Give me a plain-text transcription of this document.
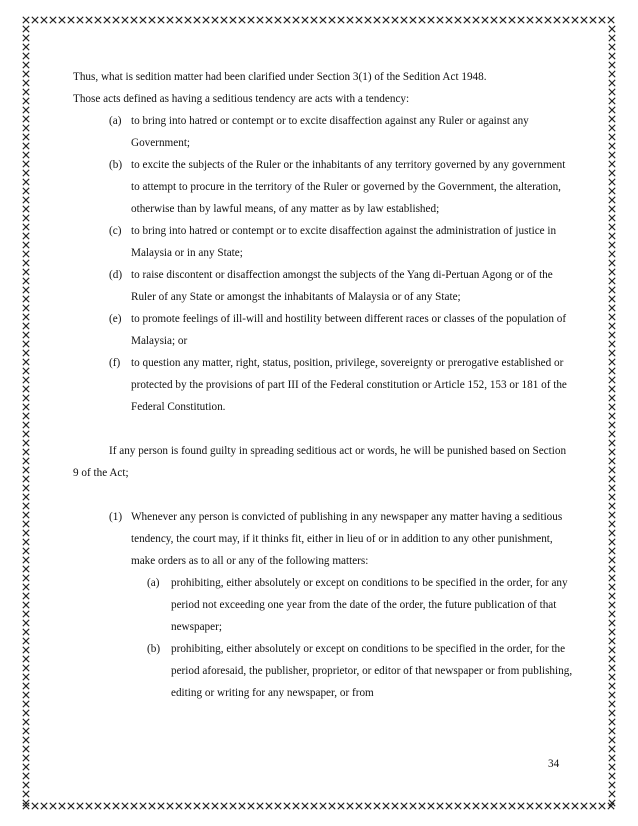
Thus, what is sedition matter had been clarified under Section 3(1) of the Sedition Act 1948.

Those acts defined as having a seditious tendency are acts with a tendency:

(a) to bring into hatred or contempt or to excite disaffection against any Ruler or against any Government;
(b) to excite the subjects of the Ruler or the inhabitants of any territory governed by any government to attempt to procure in the territory of the Ruler or governed by the Government, the alteration, otherwise than by lawful means, of any matter as by law established;
(c) to bring into hatred or contempt or to excite disaffection against the administration of justice in Malaysia or in any State;
(d) to raise discontent or disaffection amongst the subjects of the Yang di-Pertuan Agong or of the Ruler of any State or amongst the inhabitants of Malaysia or of any State;
(e) to promote feelings of ill-will and hostility between different races or classes of the population of Malaysia; or
(f) to question any matter, right, status, position, privilege, sovereignty or prerogative established or protected by the provisions of part III of the Federal constitution or Article 152, 153 or 181 of the Federal Constitution.

If any person is found guilty in spreading seditious act or words, he will be punished based on Section 9 of the Act;

(1) Whenever any person is convicted of publishing in any newspaper any matter having a seditious tendency, the court may, if it thinks fit, either in lieu of or in addition to any other punishment, make orders as to all or any of the following matters:
(a) prohibiting, either absolutely or except on conditions to be specified in the order, for any period not exceeding one year from the date of the order, the future publication of that newspaper;
(b) prohibiting, either absolutely or except on conditions to be specified in the order, for the period aforesaid, the publisher, proprietor, or editor of that newspaper or from publishing, editing or writing for any newspaper, or from
34
